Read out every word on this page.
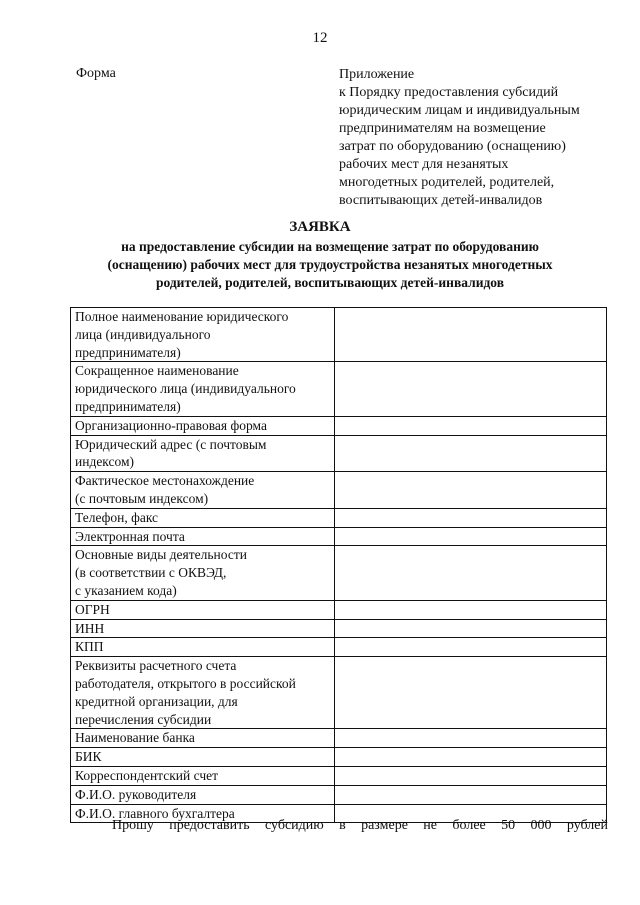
12
Форма	Приложение
к Порядку предоставления субсидий
юридическим лицам и индивидуальным
предпринимателям на возмещение
затрат по оборудованию (оснащению)
рабочих мест для незанятых
многодетных родителей, родителей,
воспитывающих детей-инвалидов
ЗАЯВКА
на предоставление субсидии на возмещение затрат по оборудованию
(оснащению) рабочих мест для трудоустройства незанятых многодетных
родителей, родителей, воспитывающих детей-инвалидов
Полное наименование юридического
лица (индивидуального
предпринимателя)	

Сокращенное наименование
юридического лица (индивидуального
предпринимателя)	

Организационно-правовая форма	

Юридический адрес (с почтовым
индексом)	

Фактическое местонахождение
(с почтовым индексом)	

Телефон, факс	

Электронная почта	

Основные виды деятельности
(в соответствии с ОКВЭД,
с указанием кода)	

ОГРН	

ИНН	

КПП	

Реквизиты расчетного счета
работодателя, открытого в российской
кредитной организации, для
перечисления субсидии	

Наименование банка	

БИК	

Корреспондентский счет	

Ф.И.О. руководителя	

Ф.И.О. главного бухгалтера	

Прошу предоставить субсидию в размере не более 50 000 рублей
